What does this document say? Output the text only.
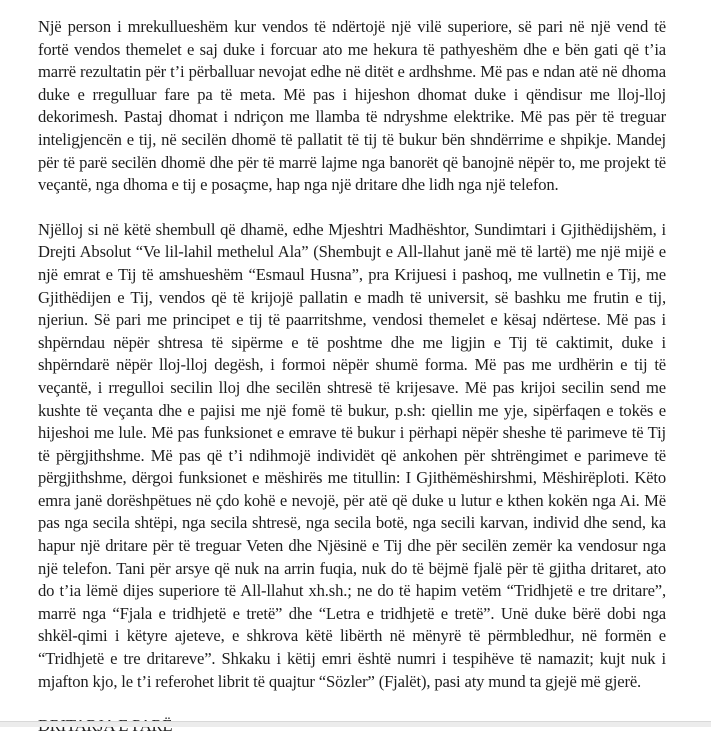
Një person i mrekullueshëm kur vendos të ndërtojë një vilë superiore, së pari në një vend të fortë vendos themelet e saj duke i forcuar ato me hekura të pathyeshëm dhe e bën gati që t’ia marrë rezultatin për t’i përballuar nevojat edhe në ditët e ardhshme. Më pas e ndan atë në dhoma duke e rregulluar fare pa të meta. Më pas i hijeshon dhomat duke i qëndisur me lloj-lloj dekorimesh. Pastaj dhomat i ndriçon me llamba të ndryshme elektrike. Më pas për të treguar inteligjencën e tij, në secilën dhomë të pallatit të tij të bukur bën shndërrime e shpikje. Mandej për të parë secilën dhomë dhe për të marrë lajme nga banorët që banojnë nëpër to, me projekt të veçantë, nga dhoma e tij e posaçme, hap nga një dritare dhe lidh nga një telefon.

Njëlloj si në këtë shembull që dhamë, edhe Mjeshtri Madhështor, Sundimtari i Gjithëdijshëm, i Drejti Absolut “Ve lil-lahil methelul Ala” (Shembujt e All-llahut janë më të lartë) me një mijë e një emrat e Tij të amshueshëm “Esmaul Husna”, pra Krijuesi i pashoq, me vullnetin e Tij, me Gjithëdijen e Tij, vendos që të krijojë pallatin e madh të universit, së bashku me frutin e tij, njeriun. Së pari me principet e tij të paarritshme, vendosi themelet e kësaj ndërtese. Më pas i shpërndau nëpër shtresa të sipërme e të poshtme dhe me ligjin e Tij të caktimit, duke i shpërndarë nëpër lloj-lloj degësh, i formoi nëpër shumë forma. Më pas me urdhërin e tij të veçantë, i rregulloi secilin lloj dhe secilën shtresë të krijesave. Më pas krijoi secilin send me kushte të veçanta dhe e pajisi me një fomë të bukur, p.sh: qiellin me yje, sipërfaqen e tokës e hijeshoi me lule. Më pas funksionet e emrave të bukur i përhapi nëpër sheshe të parimeve të Tij të përgjithshme. Më pas që t’i ndihmojë individët që ankohen për shtrëngimet e parimeve të përgjithshme, dërgoi funksionet e mëshirës me titullin: I Gjithëmëshirshmi, Mëshirëploti. Këto emra janë dorëshpëtues në çdo kohë e nevojë, për atë që duke u lutur e kthen kokën nga Ai. Më pas nga secila shtëpi, nga secila shtresë, nga secila botë, nga secili karvan, individ dhe send, ka hapur një dritare për të treguar Veten dhe Njësinë e Tij dhe për secilën zemër ka vendosur nga një telefon. Tani për arsye që nuk na arrin fuqia, nuk do të bëjmë fjalë për të gjitha dritaret, ato do t’ia lëmë dijes superiore të All-llahut xh.sh.; ne do të hapim vetëm “Tridhjetë e tre dritare”, marrë nga “Fjala e tridhjetë e tretë” dhe “Letra e tridhjetë e tretë”. Unë duke bërë dobi nga shkël-qimi i këtyre ajeteve, e shkrova këtë libërth në mënyrë të përmbledhur, në formën e “Tridhjetë e tre dritareve”. Shkaku i këtij emri është numri i tespihëve të namazit; kujt nuk i mjafton kjo, le t’i referohet librit të quajtur “Sözler” (Fjalët), pasi aty mund ta gjejë më gjerë.
